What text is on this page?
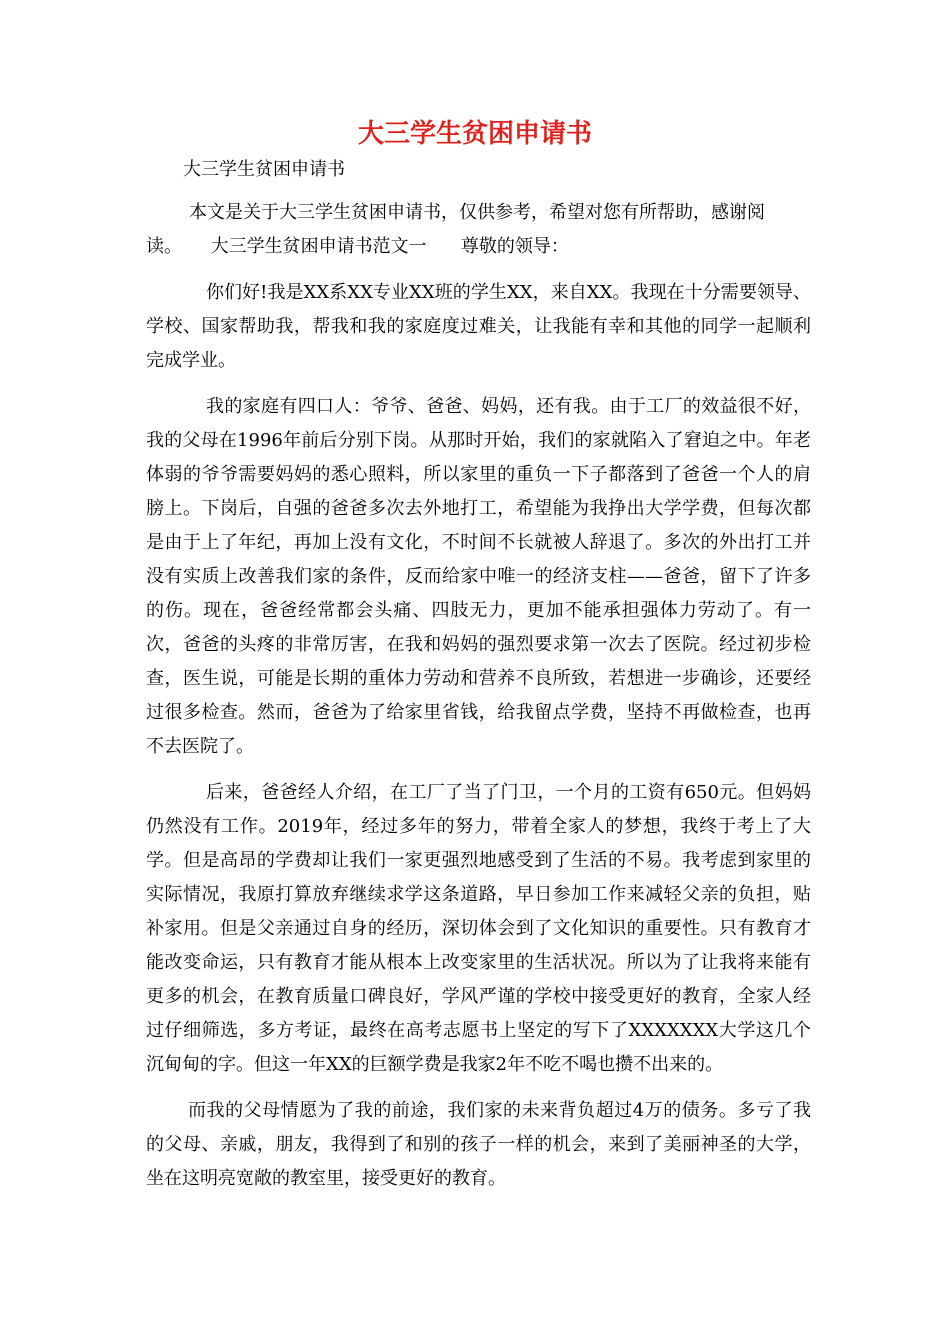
大三学生贫困申请书
大三学生贫困申请书
本文是关于大三学生贫困申请书，仅供参考，希望对您有所帮助，感谢阅
读。     大三学生贫困申请书范文一      尊敬的领导：

你们好!我是XX系XX专业XX班的学生XX，来自XX。我现在十分需要领导、学校、国家帮助我，帮我和我的家庭度过难关，让我能有幸和其他的同学一起顺利完成学业。

我的家庭有四口人：爷爷、爸爸、妈妈，还有我。由于工厂的效益很不好，我的父母在1996年前后分别下岗。从那时开始，我们的家就陷入了窘迫之中。年老体弱的爷爷需要妈妈的悉心照料，所以家里的重负一下子都落到了爸爸一个人的肩膀上。下岗后，自强的爸爸多次去外地打工，希望能为我挣出大学学费，但每次都是由于上了年纪，再加上没有文化，不时间不长就被人辞退了。多次的外出打工并没有实质上改善我们家的条件，反而给家中唯一的经济支柱——爸爸，留下了许多的伤。现在，爸爸经常都会头痛、四肢无力，更加不能承担强体力劳动了。有一次，爸爸的头疼的非常厉害，在我和妈妈的强烈要求第一次去了医院。经过初步检查，医生说，可能是长期的重体力劳动和营养不良所致，若想进一步确诊，还要经过很多检查。然而，爸爸为了给家里省钱，给我留点学费，坚持不再做检查，也再不去医院了。

后来，爸爸经人介绍，在工厂了当了门卫，一个月的工资有650元。但妈妈仍然没有工作。2019年，经过多年的努力，带着全家人的梦想，我终于考上了大学。但是高昂的学费却让我们一家更强烈地感受到了生活的不易。我考虑到家里的实际情况，我原打算放弃继续求学这条道路，早日参加工作来减轻父亲的负担，贴补家用。但是父亲通过自身的经历，深切体会到了文化知识的重要性。只有教育才能改变命运，只有教育才能从根本上改变家里的生活状况。所以为了让我将来能有更多的机会，在教育质量口碑良好，学风严谨的学校中接受更好的教育，全家人经过仔细筛选，多方考证，最终在高考志愿书上坚定的写下了XXXXXXX大学这几个沉甸甸的字。但这一年XX的巨额学费是我家2年不吃不喝也攒不出来的。

而我的父母情愿为了我的前途，我们家的未来背负超过4万的债务。多亏了我的父母、亲戚，朋友，我得到了和别的孩子一样的机会，来到了美丽神圣的大学，坐在这明亮宽敞的教室里，接受更好的教育。
